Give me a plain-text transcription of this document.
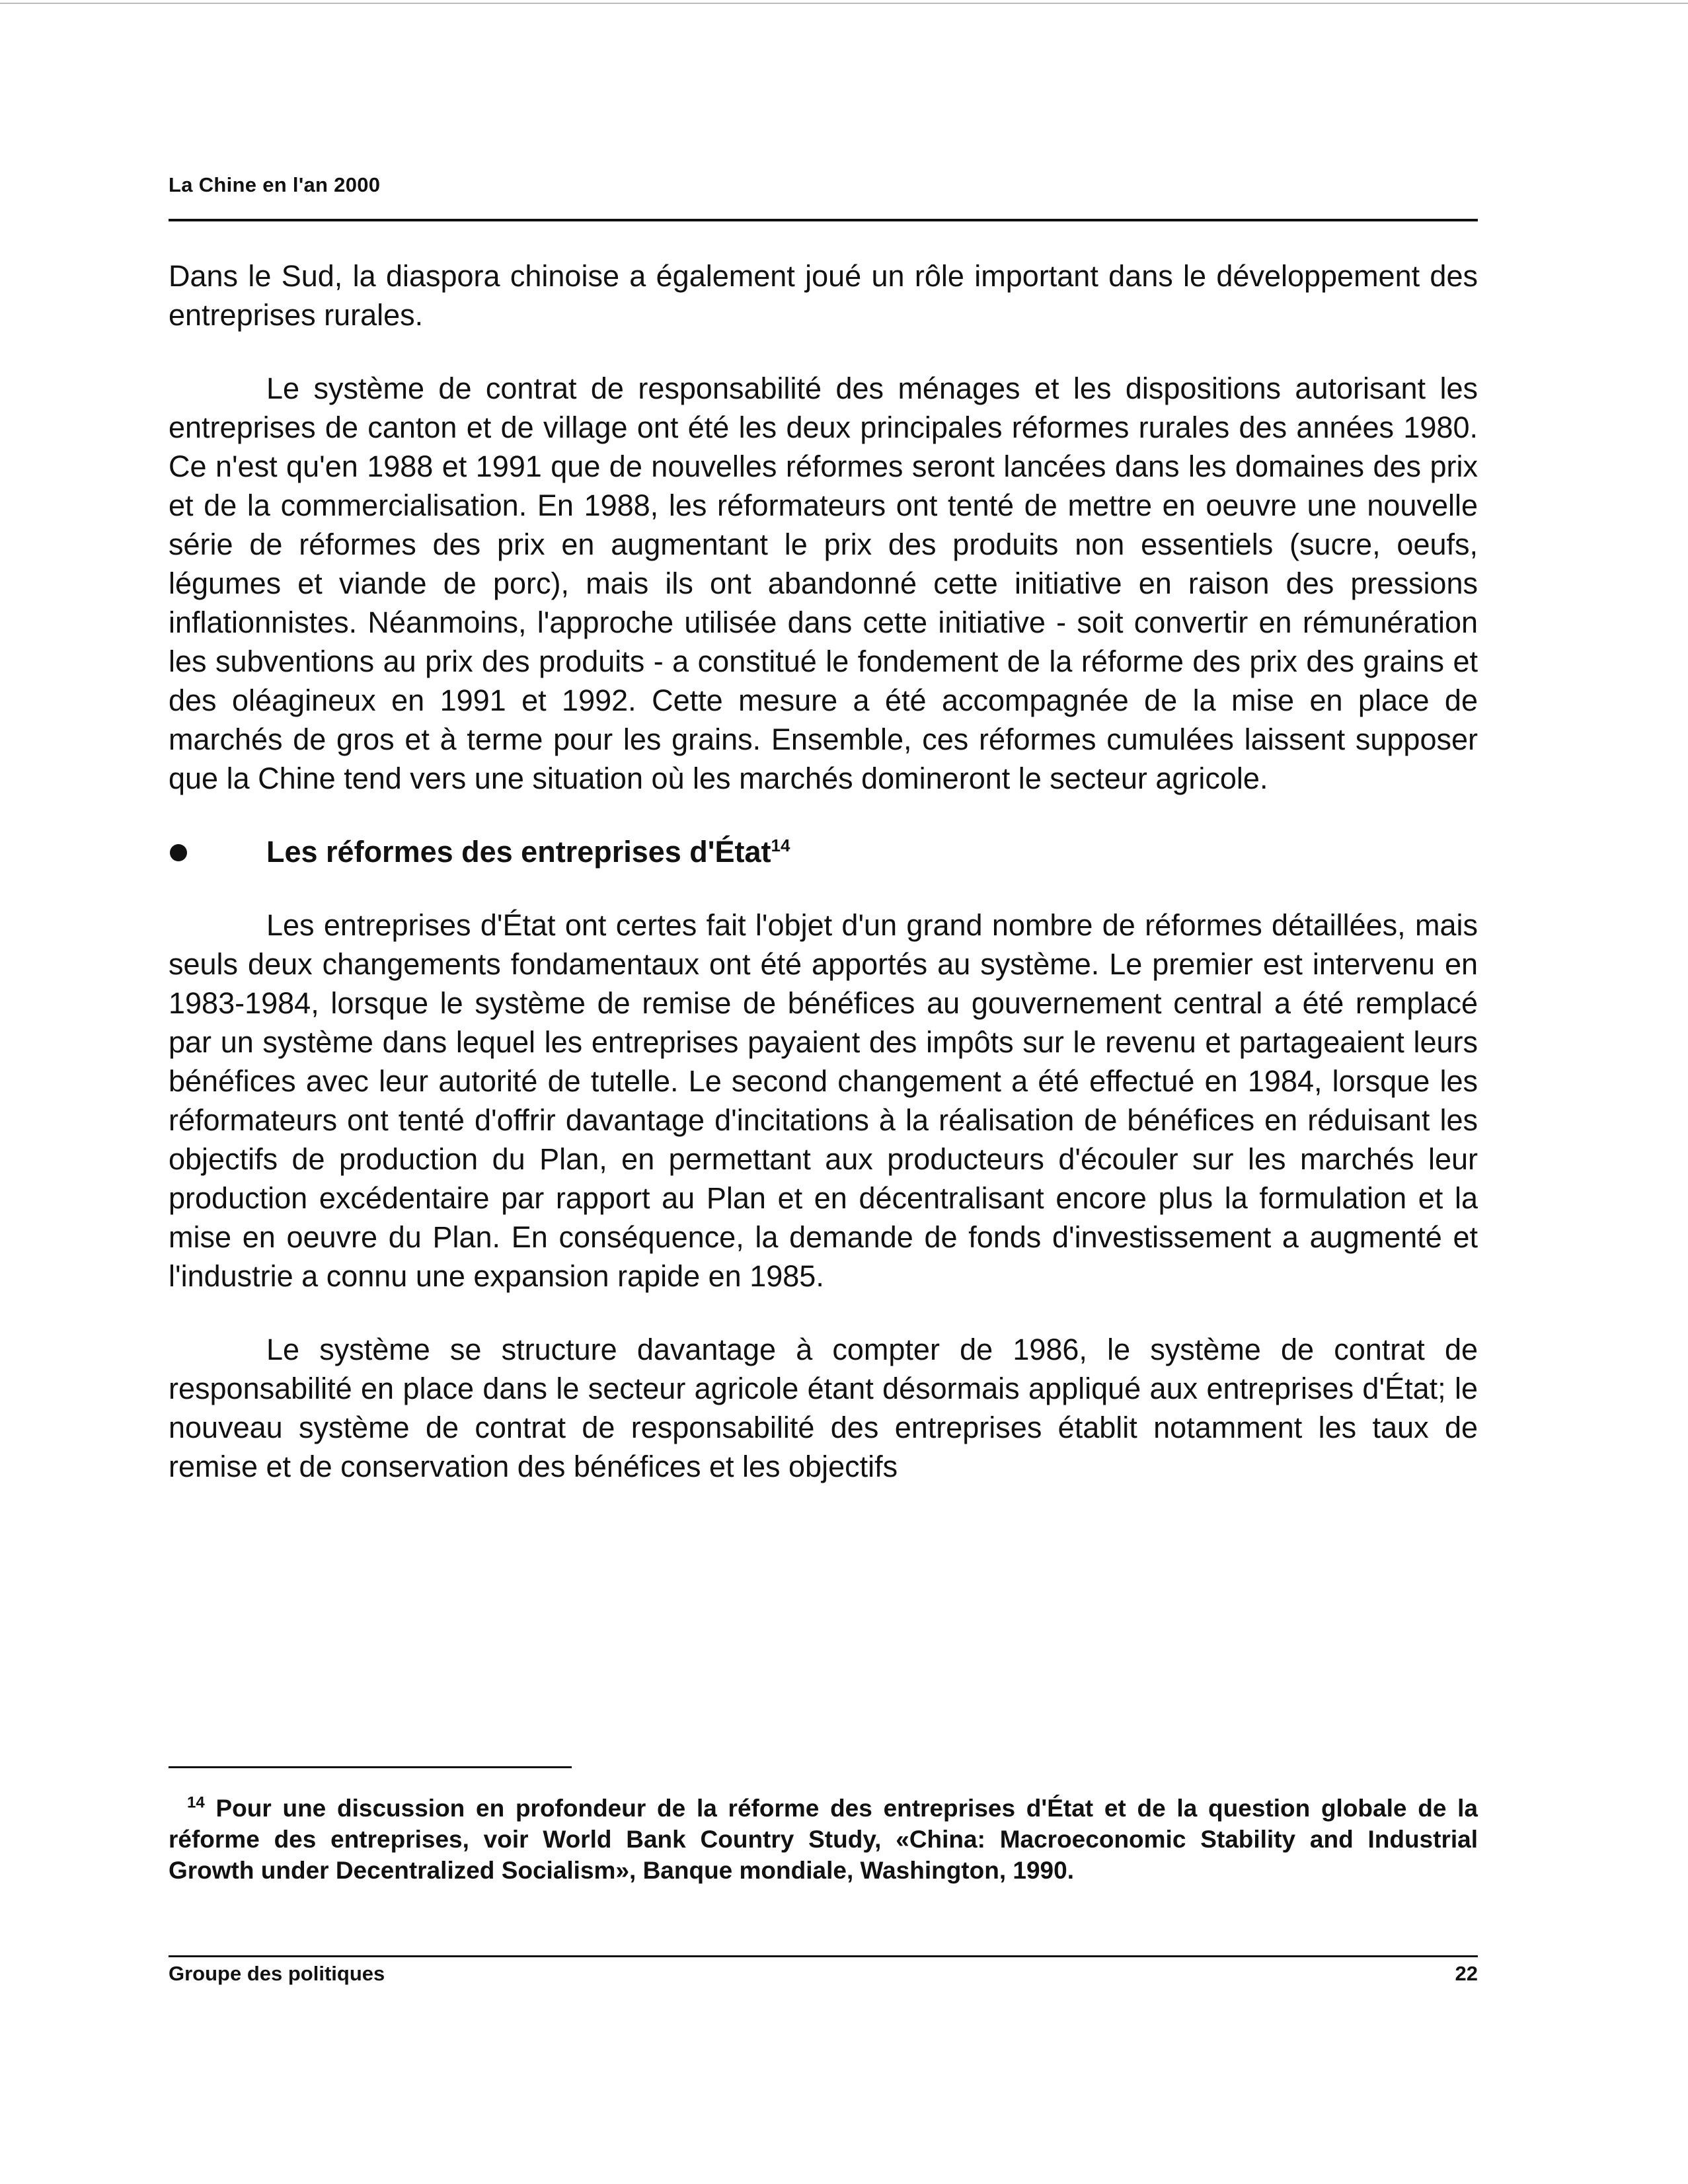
La Chine en l'an 2000

Dans le Sud, la diaspora chinoise a également joué un rôle important dans le développement des entreprises rurales.

Le système de contrat de responsabilité des ménages et les dispositions autorisant les entreprises de canton et de village ont été les deux principales réformes rurales des années 1980. Ce n'est qu'en 1988 et 1991 que de nouvelles réformes seront lancées dans les domaines des prix et de la commercialisation. En 1988, les réformateurs ont tenté de mettre en oeuvre une nouvelle série de réformes des prix en augmentant le prix des produits non essentiels (sucre, oeufs, légumes et viande de porc), mais ils ont abandonné cette initiative en raison des pressions inflationnistes. Néanmoins, l'approche utilisée dans cette initiative - soit convertir en rémunération les subventions au prix des produits - a constitué le fondement de la réforme des prix des grains et des oléagineux en 1991 et 1992. Cette mesure a été accompagnée de la mise en place de marchés de gros et à terme pour les grains. Ensemble, ces réformes cumulées laissent supposer que la Chine tend vers une situation où les marchés domineront le secteur agricole.

Les réformes des entreprises d'État$^{14}$

Les entreprises d'État ont certes fait l'objet d'un grand nombre de réformes détaillées, mais seuls deux changements fondamentaux ont été apportés au système. Le premier est intervenu en 1983-1984, lorsque le système de remise de bénéfices au gouvernement central a été remplacé par un système dans lequel les entreprises payaient des impôts sur le revenu et partageaient leurs bénéfices avec leur autorité de tutelle. Le second changement a été effectué en 1984, lorsque les réformateurs ont tenté d'offrir davantage d'incitations à la réalisation de bénéfices en réduisant les objectifs de production du Plan, en permettant aux producteurs d'écouler sur les marchés leur production excédentaire par rapport au Plan et en décentralisant encore plus la formulation et la mise en oeuvre du Plan. En conséquence, la demande de fonds d'investissement a augmenté et l'industrie a connu une expansion rapide en 1985.

Le système se structure davantage à compter de 1986, le système de contrat de responsabilité en place dans le secteur agricole étant désormais appliqué aux entreprises d'État; le nouveau système de contrat de responsabilité des entreprises établit notamment les taux de remise et de conservation des bénéfices et les objectifs

$^{14}$ Pour une discussion en profondeur de la réforme des entreprises d'État et de la question globale de la réforme des entreprises, voir World Bank Country Study, «China: Macroeconomic Stability and Industrial Growth under Decentralized Socialism», Banque mondiale, Washington, 1990.

Groupe des politiques	22
